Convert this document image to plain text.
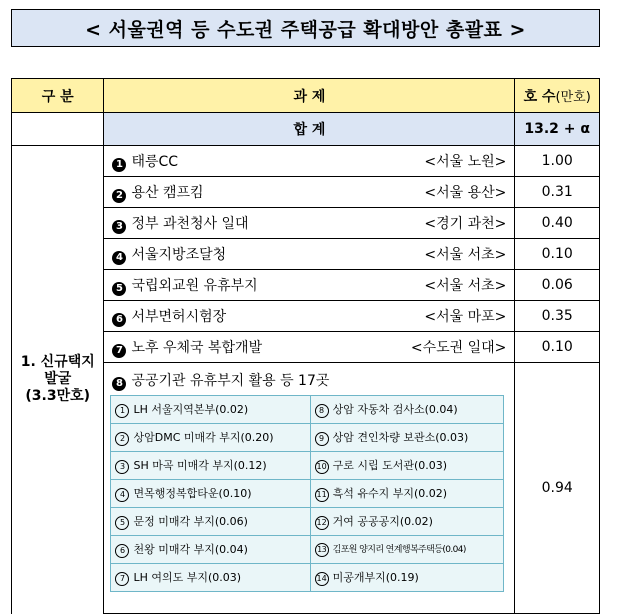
< 서울권역 등 수도권 주택공급 확대방안 총괄표 >
구 분	과 제	호 수(만호)
	합 계	13.2 + α

1. 신규택지
발굴
(3.3만호)

1 태릉CC	<서울 노원>	1.00

2 용산 캠프킴	<서울 용산>	0.31

3 정부 과천청사 일대	<경기 과천>	0.40

4 서울지방조달청	<서울 서초>	0.10

5 국립외교원 유휴부지	<서울 서초>	0.06

6 서부면허시험장	<서울 마포>	0.35

7 노후 우체국 복합개발	<수도권 일대>	0.10

8 공공기관 유휴부지 활용 등 17곳
1 LH 서울지역본부(0.02)	8 상암 자동차 검사소(0.04)
2 상암DMC 미매각 부지(0.20)	9 상암 견인차량 보관소(0.03)
3 SH 마곡 미매각 부지(0.12)	10 구로 시립 도서관(0.03)
4 면목행정복합타운(0.10)	11 흑석 유수지 부지(0.02)
5 문정 미매각 부지(0.06)	12 거여 공공공지(0.02)
6 천왕 미매각 부지(0.04)	13 김포원 양지리 연계행복주택등(0.04)
7 LH 여의도 부지(0.03)	14 미공개부지(0.19)
	0.94
